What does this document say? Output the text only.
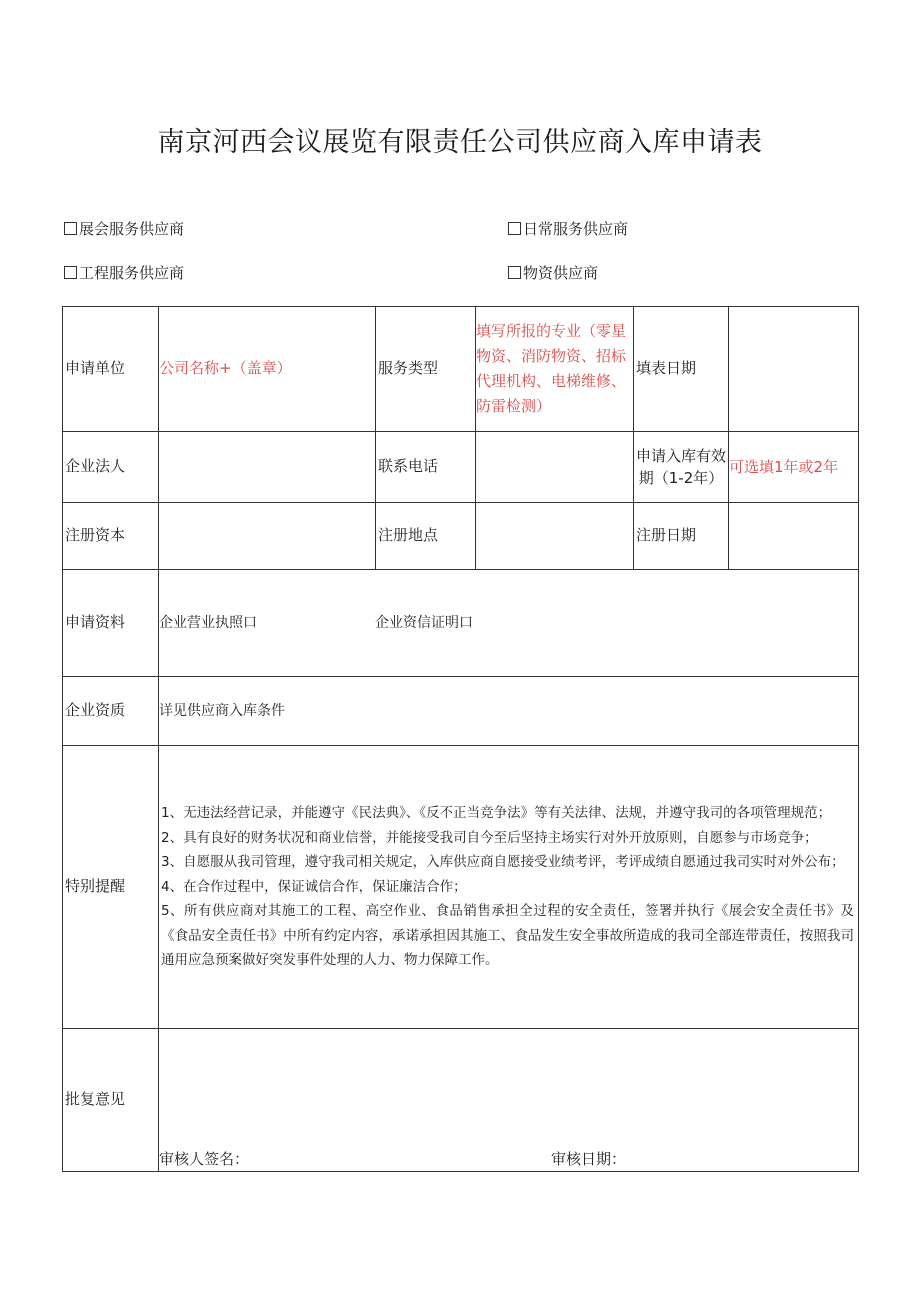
南京河西会议展览有限责任公司供应商入库申请表
展会服务供应商	日常服务供应商
工程服务供应商	物资供应商
申请单位	公司名称+（盖章）	服务类型	填写所报的专业（零星物资、消防物资、招标代理机构、电梯维修、防雷检测）	填表日期	
企业法人		联系电话		申请入库有效期（1-2年）	可选填1年或2年
注册资本		注册地点		注册日期	
申请资料	企业营业执照口 企业资信证明口				
企业资质	详见供应商入库条件				
特别提醒	1、无违法经营记录，并能遵守《民法典》、《反不正当竞争法》等有关法律、法规，并遵守我司的各项管理规范；

2、具有良好的财务状况和商业信誉，并能接受我司自今至后坚持主场实行对外开放原则，自愿参与市场竞争；

3、自愿服从我司管理，遵守我司相关规定，入库供应商自愿接受业绩考评，考评成绩自愿通过我司实时对外公布；

4、在合作过程中，保证诚信合作，保证廉洁合作；

5、所有供应商对其施工的工程、高空作业、食品销售承担全过程的安全责任，签署并执行《展会安全责任书》及《食品安全责任书》中所有约定内容，承诺承担因其施工、食品发生安全事故所造成的我司全部连带责任，按照我司通用应急预案做好突发事件处理的人力、物力保障工作。				

批复意见	审核人签名： 审核日期：				
